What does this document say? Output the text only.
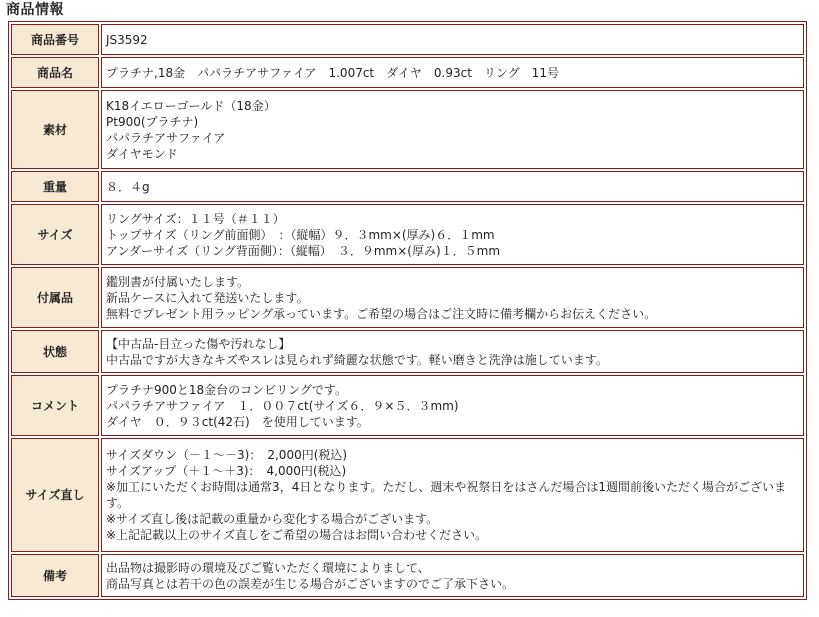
商品情報
商品番号	JS3592

商品名	プラチナ,18金　パパラチアサファイア　1.007ct　ダイヤ　0.93ct　リング　11号

素材	K18イエローゴールド（18金）
Pt900(プラチナ)
パパラチアサファイア
ダイヤモンド

重量	８．４g

サイズ	リングサイズ：１１号（＃１１）
トップサイズ（リング前面側）　：（縦幅）９．３mm×(厚み)６．１mm
アンダーサイズ（リング背面側）：（縦幅）　３．９mm×(厚み)１．５mm

付属品	鑑別書が付属いたします。
新品ケースに入れて発送いたします。
無料でプレゼント用ラッピング承っています。ご希望の場合はご注文時に備考欄からお伝えください。

状態	【中古品-目立った傷や汚れなし】
中古品ですが大きなキズやスレは見られず綺麗な状態です。軽い磨きと洗浄は施しています。

コメント	プラチナ900と18金台のコンビリングです。
パパラチアサファイア　１．００７ct(サイズ６．９×５．３mm)
ダイヤ　０．９３ct(42石)　を使用しています。

サイズ直し	サイズダウン（－１～－3)：　2,000円(税込)
サイズアップ（＋１～＋3)：　4,000円(税込)
※加工にいただくお時間は通常3，4日となります。ただし、週末や祝祭日をはさんだ場合は1週間前後いただく場合がございます。
※サイズ直し後は記載の重量から変化する場合がございます。
※上記記載以上のサイズ直しをご希望の場合はお問い合わせください。

備考	出品物は撮影時の環境及びご覧いただく環境によりまして、
商品写真とは若干の色の誤差が生じる場合がございますのでご了承下さい。
